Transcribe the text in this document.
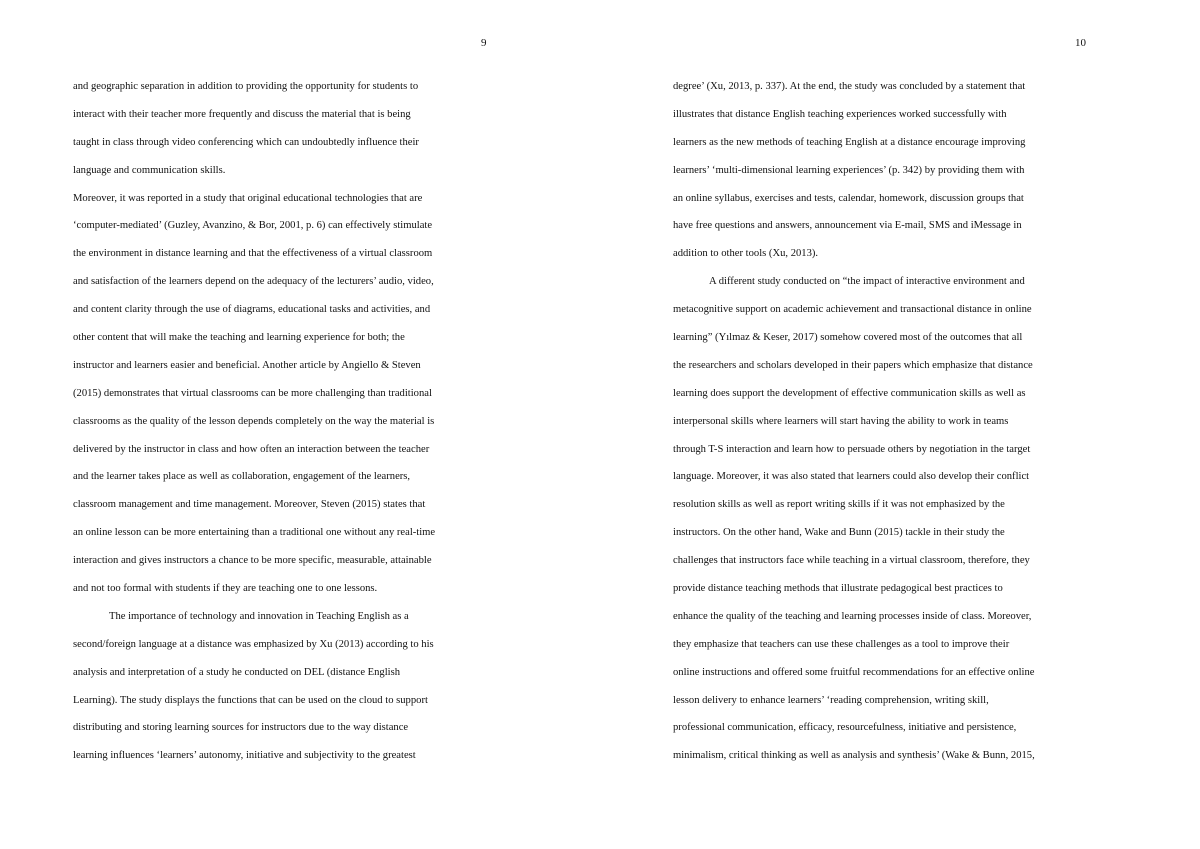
9
and geographic separation in addition to providing the opportunity for students to
interact with their teacher more frequently and discuss the material that is being
taught in class through video conferencing which can undoubtedly influence their
language and communication skills.
Moreover, it was reported in a study that original educational technologies that are
‘computer-mediated’ (Guzley, Avanzino, & Bor, 2001, p. 6) can effectively stimulate
the environment in distance learning and that the effectiveness of a virtual classroom
and satisfaction of the learners depend on the adequacy of the lecturers’ audio, video,
and content clarity through the use of diagrams, educational tasks and activities, and
other content that will make the teaching and learning experience for both; the
instructor and learners easier and beneficial. Another article by Angiello & Steven
(2015) demonstrates that virtual classrooms can be more challenging than traditional
classrooms as the quality of the lesson depends completely on the way the material is
delivered by the instructor in class and how often an interaction between the teacher
and the learner takes place as well as collaboration, engagement of the learners,
classroom management and time management. Moreover, Steven (2015) states that
an online lesson can be more entertaining than a traditional one without any real-time
interaction and gives instructors a chance to be more specific, measurable, attainable
and not too formal with students if they are teaching one to one lessons.
The importance of technology and innovation in Teaching English as a
second/foreign language at a distance was emphasized by Xu (2013) according to his
analysis and interpretation of a study he conducted on DEL (distance English
Learning). The study displays the functions that can be used on the cloud to support
distributing and storing learning sources for instructors due to the way distance
learning influences ‘learners’ autonomy, initiative and subjectivity to the greatest
10
degree’ (Xu, 2013, p. 337). At the end, the study was concluded by a statement that
illustrates that distance English teaching experiences worked successfully with
learners as the new methods of teaching English at a distance encourage improving
learners’ ‘multi-dimensional learning experiences’ (p. 342) by providing them with
an online syllabus, exercises and tests, calendar, homework, discussion groups that
have free questions and answers, announcement via E-mail, SMS and iMessage in
addition to other tools (Xu, 2013).
A different study conducted on “the impact of interactive environment and
metacognitive support on academic achievement and transactional distance in online
learning” (Yılmaz & Keser, 2017) somehow covered most of the outcomes that all
the researchers and scholars developed in their papers which emphasize that distance
learning does support the development of effective communication skills as well as
interpersonal skills where learners will start having the ability to work in teams
through T-S interaction and learn how to persuade others by negotiation in the target
language. Moreover, it was also stated that learners could also develop their conflict
resolution skills as well as report writing skills if it was not emphasized by the
instructors. On the other hand, Wake and Bunn (2015) tackle in their study the
challenges that instructors face while teaching in a virtual classroom, therefore, they
provide distance teaching methods that illustrate pedagogical best practices to
enhance the quality of the teaching and learning processes inside of class. Moreover,
they emphasize that teachers can use these challenges as a tool to improve their
online instructions and offered some fruitful recommendations for an effective online
lesson delivery to enhance learners’ ‘reading comprehension, writing skill,
professional communication, efficacy, resourcefulness, initiative and persistence,
minimalism, critical thinking as well as analysis and synthesis’ (Wake & Bunn, 2015,
